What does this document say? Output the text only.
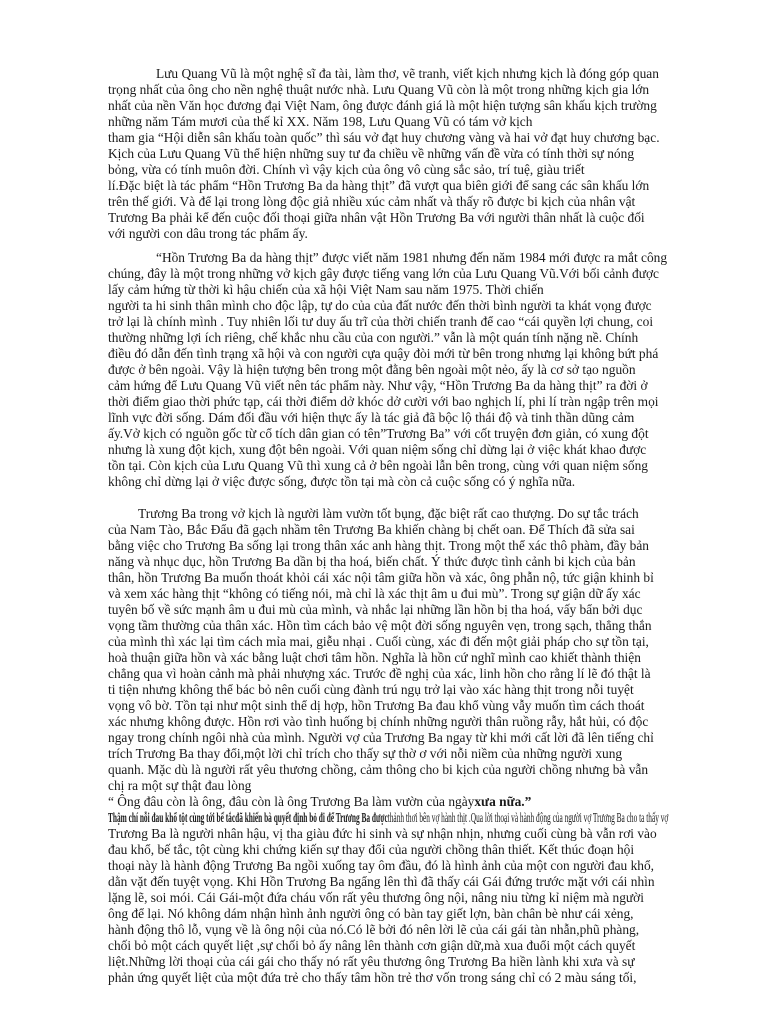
Lưu Quang Vũ là một nghệ sĩ đa tài, làm thơ, vẽ tranh, viết kịch nhưng kịch là đóng góp quan

trọng nhất của ông cho nền nghệ thuật nước nhà. Lưu Quang Vũ còn là một trong những kịch gia lớn

nhất của nền Văn học đương đại Việt Nam, ông được đánh giá là một hiện tượng sân khấu kịch trường

những năm Tám mươi của thế kỉ XX. Năm 198, Lưu Quang Vũ có tám vở kịch

tham gia “Hội diễn sân khấu toàn quốc” thì sáu vở đạt huy chương vàng và hai vở đạt huy chương bạc.

Kịch của Lưu Quang Vũ thể hiện những suy tư đa chiều về những vấn đề vừa có tính thời sự nóng

bỏng, vừa có tính muôn đời. Chính vì vậy kịch của ông vô cùng sắc sảo, trí tuệ, giàu triết

lí.Đặc biệt là tác phẩm “Hồn Trương Ba da hàng thịt” đã vượt qua biên giới để sang các sân khấu lớn

trên thế giới. Và để lại trong lòng độc giả nhiều xúc cảm nhất và thấy rõ được bi kịch của nhân vật

Trương Ba phải kể đến cuộc đối thoại giữa nhân vật Hồn Trương Ba với người thân nhất là cuộc đối

với người con dâu trong tác phẩm ấy.

“Hồn Trương Ba da hàng thịt” được viết năm 1981 nhưng đến năm 1984 mới được ra mắt công

chúng, đây là một trong những vở kịch gây được tiếng vang lớn của Lưu Quang Vũ.Với bối cảnh được

lấy cảm hứng từ thời kì hậu chiến của xã hội Việt Nam sau năm 1975. Thời chiến

người ta hi sinh thân mình cho độc lập, tự do của của đất nước đến thời bình người ta khát vọng được

trở lại là chính mình . Tuy nhiên lối tư duy ấu trĩ của thời chiến tranh để cao “cái quyền lợi chung, coi

thường những lợi ích riêng, chế khắc nhu cầu của con người.” vẫn là một quán tính nặng nề. Chính

điều đó dẫn đến tình trạng xã hội và con người cựa quậy đòi mới từ bên trong nhưng lại không bứt phá

được ở bên ngoài. Vậy là hiện tượng bên trong một đằng bên ngoài một nẻo, ấy là cơ sở tạo nguồn

cảm hứng để Lưu Quang Vũ viết nên tác phẩm này. Như vậy, “Hồn Trương Ba da hàng thịt” ra đời ở

thời điểm giao thời phức tạp, cái thời điểm dở khóc dở cười với bao nghịch lí, phi lí tràn ngập trên mọi

lĩnh vực đời sống. Dám đối đầu với hiện thực ấy là tác giả đã bộc lộ thái độ và tinh thần dũng cảm

ấy.Vở kịch có nguồn gốc từ cổ tích dân gian có tên”Trương Ba” với cốt truyện đơn giản, có xung đột

nhưng là xung đột kịch, xung đột bên ngoài. Với quan niệm sống chỉ dừng lại ở việc khát khao được

tồn tại. Còn kịch của Lưu Quang Vũ thì xung cả ở bên ngoài lẫn bên trong, cùng với quan niệm sống

không chỉ dừng lại ở việc được sống, được tồn tại mà còn cả cuộc sống có ý nghĩa nữa.

Trương Ba trong vở kịch là người làm vườn tốt bụng, đặc biệt rất cao thượng. Do sự tắc trách

của Nam Tào, Bắc Đẩu đã gạch nhầm tên Trương Ba khiến chàng bị chết oan. Để Thích đã sửa sai

bằng việc cho Trương Ba sống lại trong thân xác anh hàng thịt. Trong một thể xác thô phàm, đầy bản

năng và nhục dục, hồn Trương Ba dần bị tha hoá, biến chất. Ý thức được tình cảnh bi kịch của bản

thân, hồn Trương Ba muốn thoát khỏi cái xác nội tâm giữa hồn và xác, ông phẫn nộ, tức giận khinh bỉ

và xem xác hàng thịt “không có tiếng nói, mà chỉ là xác thịt âm u đui mù”. Trong sự giận dữ ấy xác

tuyên bố về sức mạnh âm u đui mù của mình, và nhắc lại những lần hồn bị tha hoá, vấy bẩn bởi dục

vọng tầm thường của thân xác. Hồn tìm cách bảo vệ một đời sống nguyên vẹn, trong sạch, thẳng thắn

của mình thì xác lại tìm cách mỉa mai, giễu nhại . Cuối cùng, xác đi đến một giải pháp cho sự tồn tại,

hoà thuận giữa hồn và xác bằng luật chơi tâm hồn. Nghĩa là hồn cứ nghĩ mình cao khiết thành thiện

chẳng qua vì hoàn cảnh mà phải nhượng xác. Trước đề nghị của xác, linh hồn cho rằng lí lẽ đó thật là

ti tiện nhưng không thể bác bỏ nên cuối cùng đành trú ngụ trở lại vào xác hàng thịt trong nỗi tuyệt

vọng vô bờ. Tồn tại như một sinh thể dị hợp, hồn Trương Ba đau khổ vùng vẫy muốn tìm cách thoát

xác nhưng không được. Hồn rơi vào tình huống bị chính những người thân ruồng rẫy, hắt hủi, có độc

ngay trong chính ngôi nhà của mình. Người vợ của Trương Ba ngay từ khi mới cất lời đã lên tiếng chỉ

trích Trương Ba thay đổi,một lời chỉ trích cho thấy sự thờ ơ với nỗi niềm của những người xung

quanh. Mặc dù là người rất yêu thương chồng, cảm thông cho bi kịch của người chồng nhưng bà vẫn

chị ra một sự thật đau lòng

“ Ông đâu còn là ông, đâu còn là ông Trương Ba làm vườn của ngàyxưa nữa.”

Thậm chí nỗi đau khổ tột cùng tới bế tắcđã khiến bà quyết định bỏ đi để Trương Ba đượcthảnh thơi bên vợ hành thịt .Qua lời thoại và hành động của người vợ Trương Ba cho ta thấy vợ

Trương Ba là người nhân hậu, vị tha giàu đức hi sinh và sự nhận nhịn, nhưng cuối cùng bà vẫn rơi vào

đau khổ, bế tắc, tột cùng khi chứng kiến sự thay đổi của người chồng thân thiết. Kết thúc đoạn hội

thoại này là hành động Trương Ba ngồi xuống tay ôm đầu, đó là hình ảnh của một con người đau khổ,

dằn vặt đến tuyệt vọng. Khi Hồn Trương Ba ngẩng lên thì đã thấy cái Gái đứng trước mặt với cái nhìn

lặng lẽ, soi mói. Cái Gái-một đứa cháu vốn rất yêu thương ông nội, nâng niu từng kỉ niệm mà người

ông để lại. Nó không dám nhận hình ảnh người ông có bàn tay giết lợn, bàn chân bè như cái xẻng,

hành động thô lỗ, vụng về là ông nội của nó.Có lẽ bởi đó nên lời lẽ của cái gái tàn nhẫn,phũ phàng,

chối bỏ một cách quyết liệt ,sự chối bỏ ấy nâng lên thành cơn giận dữ,mà xua đuổi một cách quyết

liệt.Những lời thoại của cái gái cho thấy nó rất yêu thương ông Trương Ba hiền lành khi xưa và sự

phản ứng quyết liệt của một đứa trẻ cho thấy tâm hồn trẻ thơ vốn trong sáng chỉ có 2 màu sáng tối,
